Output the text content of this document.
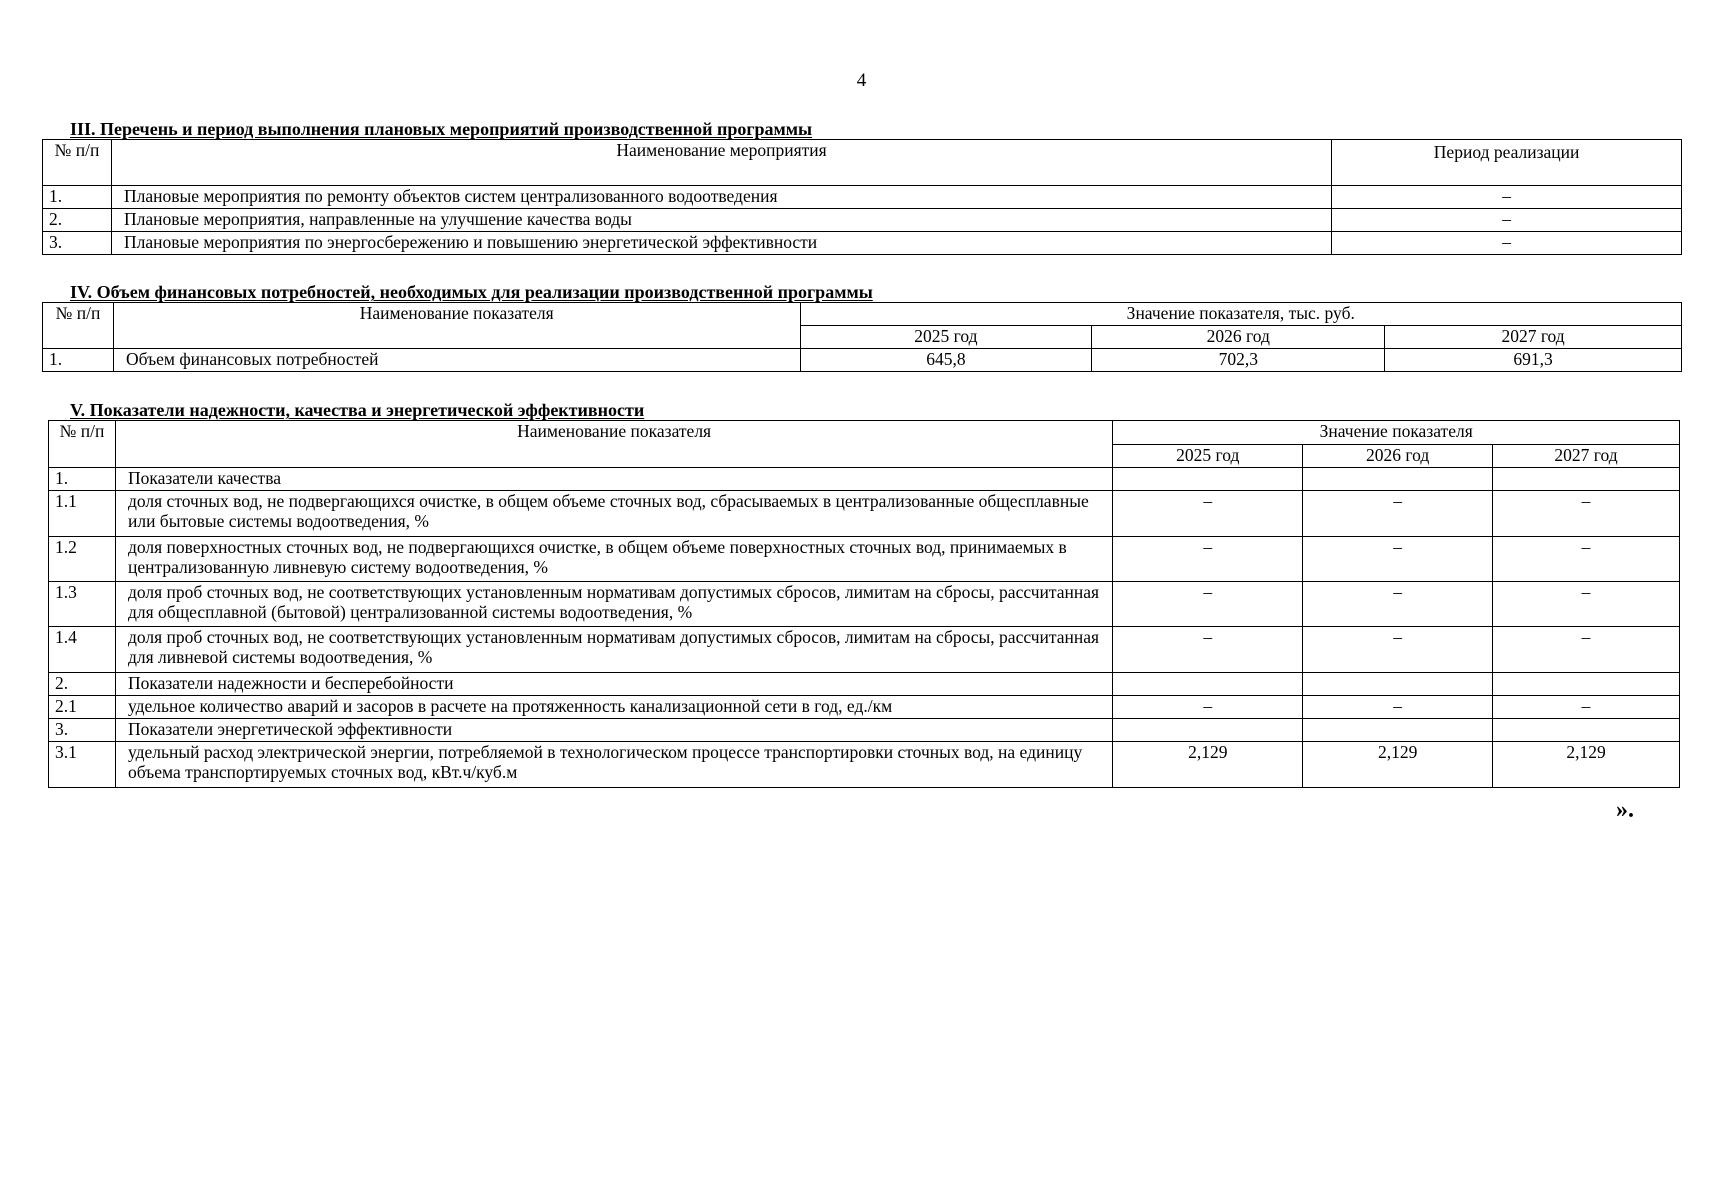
4
III. Перечень и период выполнения плановых мероприятий производственной программы
№ п/п	Наименование мероприятия	Период реализации
1.	Плановые мероприятия по ремонту объектов систем централизованного водоотведения	–
2.	Плановые мероприятия, направленные на улучшение качества воды	–
3.	Плановые мероприятия по энергосбережению и повышению энергетической эффективности	–
IV. Объем финансовых потребностей, необходимых для реализации производственной программы
№ п/п	Наименование показателя	Значение показателя, тыс. руб.		
		2025 год	2026 год	2027 год
1.	Объем финансовых потребностей	645,8	702,3	691,3
V. Показатели надежности, качества и энергетической эффективности
№ п/п	Наименование показателя	Значение показателя		
		2025 год	2026 год	2027 год
1.	Показатели качества			
1.1	доля сточных вод, не подвергающихся очистке, в общем объеме сточных вод, сбрасываемых в централизованные общесплавные или бытовые системы водоотведения, %	–	–	–
1.2	доля поверхностных сточных вод, не подвергающихся очистке, в общем объеме поверхностных сточных вод, принимаемых в централизованную ливневую систему водоотведения, %	–	–	–
1.3	доля проб сточных вод, не соответствующих установленным нормативам допустимых сбросов, лимитам на сбросы, рассчитанная для общесплавной (бытовой) централизованной системы водоотведения, %	–	–	–
1.4	доля проб сточных вод, не соответствующих установленным нормативам допустимых сбросов, лимитам на сбросы, рассчитанная для ливневой системы водоотведения, %	–	–	–
2.	Показатели надежности и бесперебойности			
2.1	удельное количество аварий и засоров в расчете на протяженность канализационной сети в год, ед./км	–	–	–
3.	Показатели энергетической эффективности			
3.1	удельный расход электрической энергии, потребляемой в технологическом процессе транспортировки сточных вод, на единицу объема транспортируемых сточных вод, кВт.ч/куб.м	2,129	2,129	2,129
».
